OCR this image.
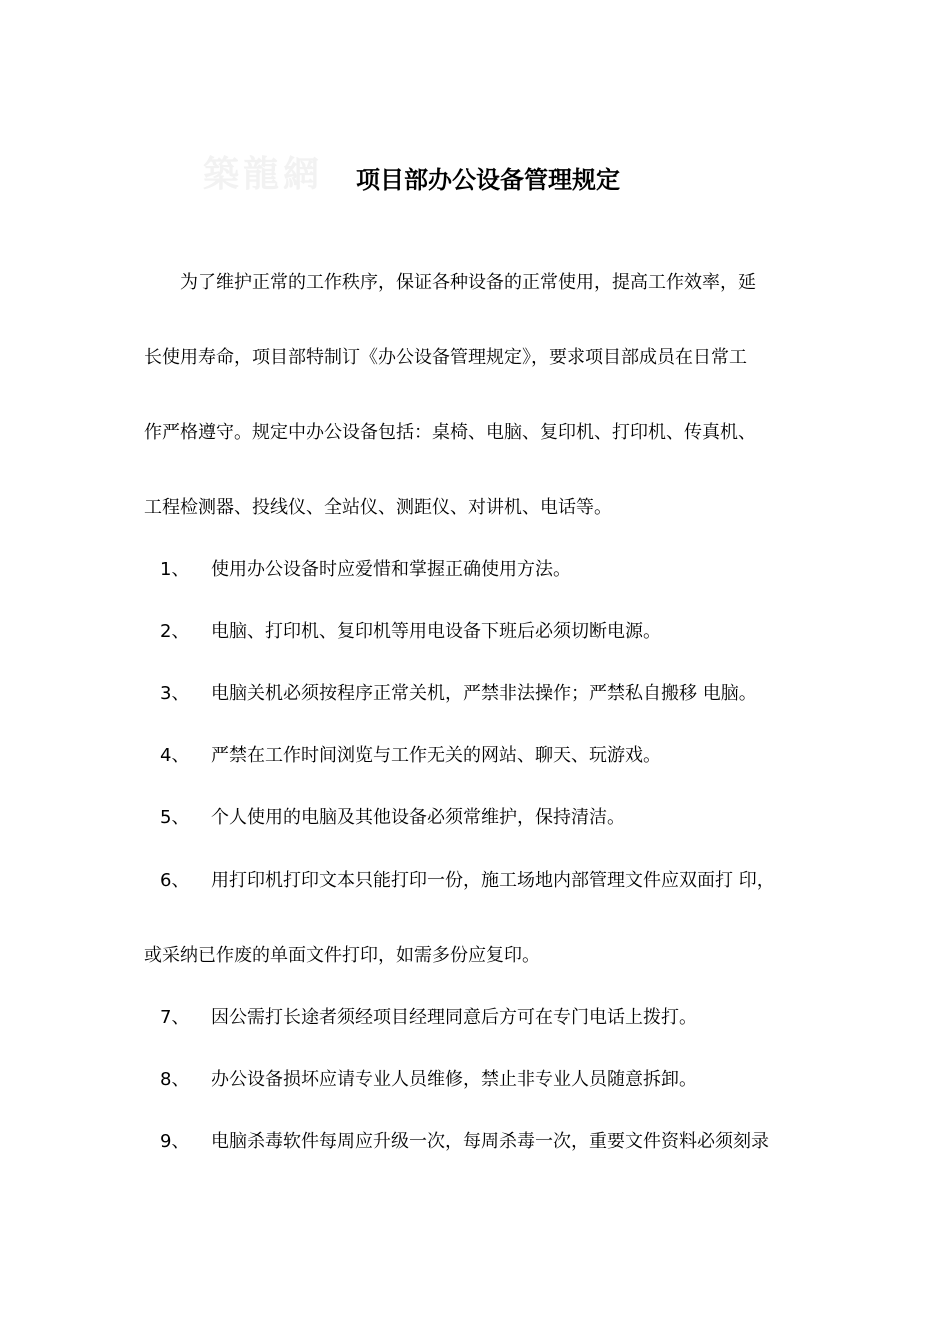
築龍網	项目部办公设备管理规定
为了维护正常的工作秩序，保证各种设备的正常使用，提高工作效率，延
长使用寿命，项目部特制订《办公设备管理规定》，要求项目部成员在日常工
作严格遵守。规定中办公设备包括：桌椅、电脑、复印机、打印机、传真机、
工程检测器、投线仪、全站仪、测距仪、对讲机、电话等。
1、 使用办公设备时应爱惜和掌握正确使用方法。
2、 电脑、打印机、复印机等用电设备下班后必须切断电源。
3、 电脑关机必须按程序正常关机，严禁非法操作；严禁私自搬移 电脑。
4、 严禁在工作时间浏览与工作无关的网站、聊天、玩游戏。
5、 个人使用的电脑及其他设备必须常维护，保持清洁。
6、 用打印机打印文本只能打印一份，施工场地内部管理文件应双面打 印，
或采纳已作废的单面文件打印，如需多份应复印。
7、 因公需打长途者须经项目经理同意后方可在专门电话上拨打。
8、 办公设备损坏应请专业人员维修，禁止非专业人员随意拆卸。
9、 电脑杀毒软件每周应升级一次，每周杀毒一次，重要文件资料必须刻录
